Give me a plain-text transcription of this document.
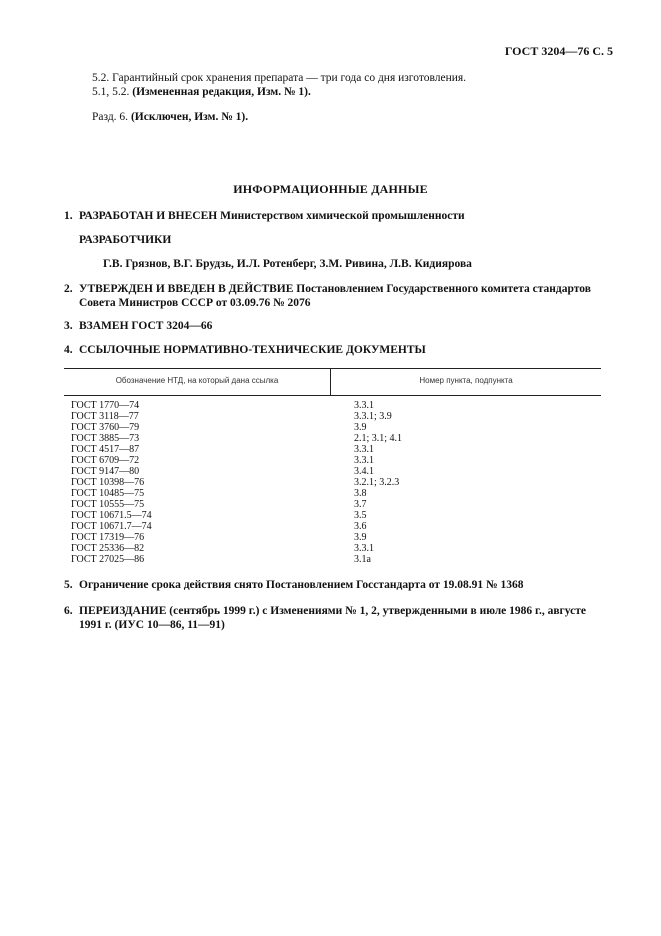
ГОСТ 3204—76 С. 5
5.2. Гарантийный срок хранения препарата — три года со дня изготовления.
5.1, 5.2. (Измененная редакция, Изм. № 1).
Разд. 6. (Исключен, Изм. № 1).
ИНФОРМАЦИОННЫЕ ДАННЫЕ
1. РАЗРАБОТАН И ВНЕСЕН Министерством химической промышленности
РАЗРАБОТЧИКИ
Г.В. Грязнов, В.Г. Брудзь, И.Л. Ротенберг, З.М. Ривина, Л.В. Кидиярова
2. УТВЕРЖДЕН И ВВЕДЕН В ДЕЙСТВИЕ Постановлением Государственного комитета стандартов Совета Министров СССР от 03.09.76 № 2076
3. ВЗАМЕН ГОСТ 3204—66
4. ССЫЛОЧНЫЕ НОРМАТИВНО-ТЕХНИЧЕСКИЕ ДОКУМЕНТЫ
Обозначение НТД, на который дана ссылка	Номер пункта, подпункта
ГОСТ 1770—74	3.3.1
ГОСТ 3118—77	3.3.1; 3.9
ГОСТ 3760—79	3.9
ГОСТ 3885—73	2.1; 3.1; 4.1
ГОСТ 4517—87	3.3.1
ГОСТ 6709—72	3.3.1
ГОСТ 9147—80	3.4.1
ГОСТ 10398—76	3.2.1; 3.2.3
ГОСТ 10485—75	3.8
ГОСТ 10555—75	3.7
ГОСТ 10671.5—74	3.5
ГОСТ 10671.7—74	3.6
ГОСТ 17319—76	3.9
ГОСТ 25336—82	3.3.1
ГОСТ 27025—86	3.1а
5. Ограничение срока действия снято Постановлением Госстандарта от 19.08.91 № 1368
6. ПЕРЕИЗДАНИЕ (сентябрь 1999 г.) с Изменениями № 1, 2, утвержденными в июле 1986 г., августе 1991 г. (ИУС 10—86, 11—91)
